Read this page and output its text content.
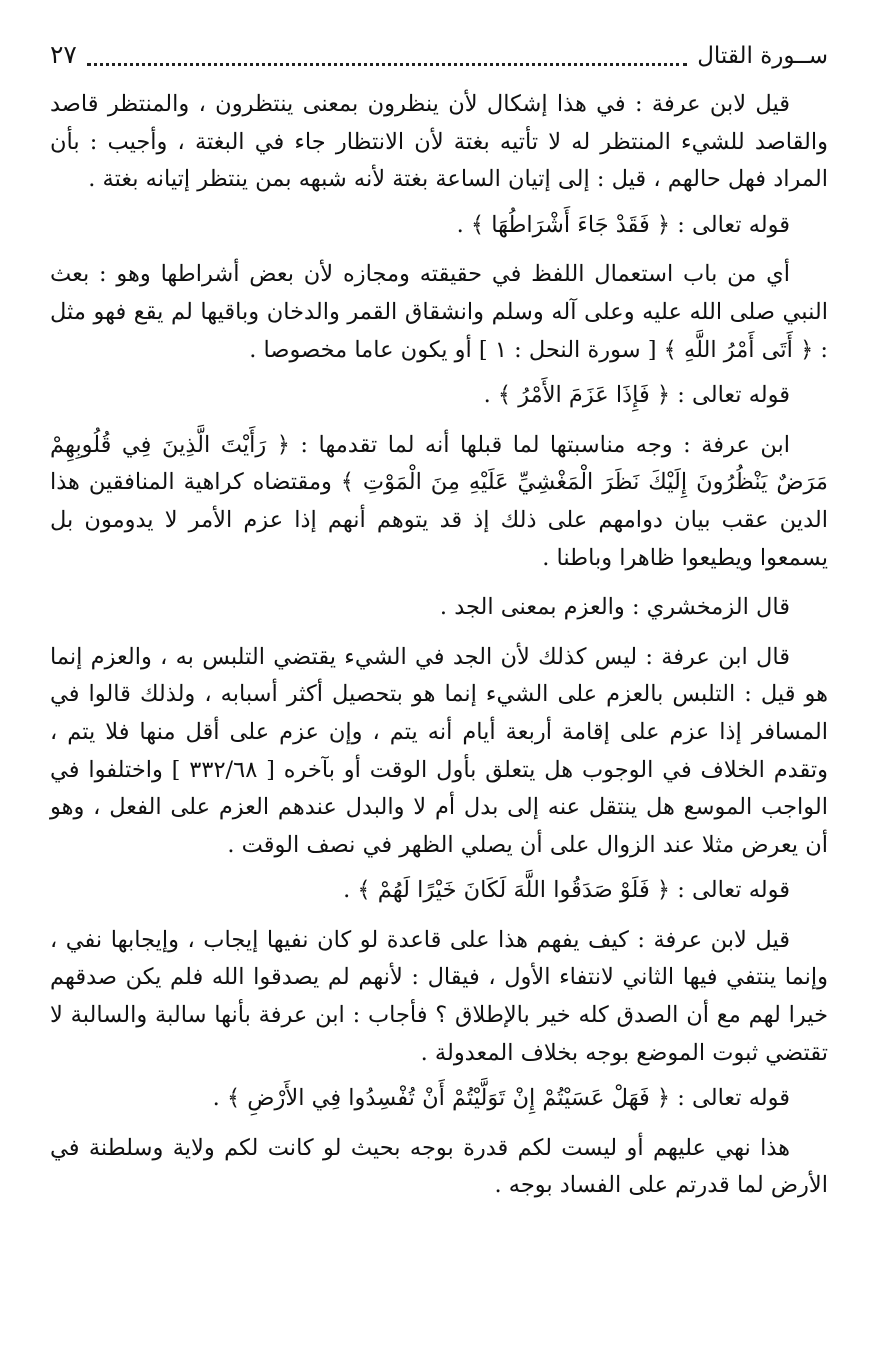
ســورة القتال
٢٧

قيل لابن عرفة : في هذا إشكال لأن ينظرون بمعنى ينتظرون ، والمنتظر قاصد والقاصد للشيء المنتظر له لا تأتيه بغتة لأن الانتظار جاء في البغتة ، وأجيب : بأن المراد فهل حالهم ، قيل : إلى إتيان الساعة بغتة لأنه شبهه بمن ينتظر إتيانه بغتة .

قوله تعالى : ﴿ فَقَدْ جَاءَ أَشْرَاطُهَا ﴾ .

أي من باب استعمال اللفظ في حقيقته ومجازه لأن بعض أشراطها وهو : بعث النبي صلى الله عليه وعلى آله وسلم وانشقاق القمر والدخان وباقيها لم يقع فهو مثل : ﴿ أَتَى أَمْرُ اللَّهِ ﴾ [ سورة النحل : ١ ] أو يكون عاما مخصوصا .

قوله تعالى : ﴿ فَإِذَا عَزَمَ الأَمْرُ ﴾ .

ابن عرفة : وجه مناسبتها لما قبلها أنه لما تقدمها : ﴿ رَأَيْتَ الَّذِينَ فِي قُلُوبِهِمْ مَرَضٌ يَنْظُرُونَ إِلَيْكَ نَظَرَ الْمَغْشِيِّ عَلَيْهِ مِنَ الْمَوْتِ ﴾ ومقتضاه كراهية المنافقين هذا الدين عقب بيان دوامهم على ذلك إذ قد يتوهم أنهم إذا عزم الأمر لا يدومون بل يسمعوا ويطيعوا ظاهرا وباطنا .

قال الزمخشري : والعزم بمعنى الجد .

قال ابن عرفة : ليس كذلك لأن الجد في الشيء يقتضي التلبس به ، والعزم إنما هو قيل : التلبس بالعزم على الشيء إنما هو بتحصيل أكثر أسبابه ، ولذلك قالوا في المسافر إذا عزم على إقامة أربعة أيام أنه يتم ، وإن عزم على أقل منها فلا يتم ، وتقدم الخلاف في الوجوب هل يتعلق بأول الوقت أو بآخره [ ٣٣٢/٦٨ ] واختلفوا في الواجب الموسع هل ينتقل عنه إلى بدل أم لا والبدل عندهم العزم على الفعل ، وهو أن يعرض مثلا عند الزوال على أن يصلي الظهر في نصف الوقت .

قوله تعالى : ﴿ فَلَوْ صَدَقُوا اللَّهَ لَكَانَ خَيْرًا لَهُمْ ﴾ .

قيل لابن عرفة : كيف يفهم هذا على قاعدة لو كان نفيها إيجاب ، وإيجابها نفي ، وإنما ينتفي فيها الثاني لانتفاء الأول ، فيقال : لأنهم لم يصدقوا الله فلم يكن صدقهم خيرا لهم مع أن الصدق كله خير بالإطلاق ؟ فأجاب : ابن عرفة بأنها سالبة والسالبة لا تقتضي ثبوت الموضع بوجه بخلاف المعدولة .

قوله تعالى : ﴿ فَهَلْ عَسَيْتُمْ إِنْ تَوَلَّيْتُمْ أَنْ تُفْسِدُوا فِي الأَرْضِ ﴾ .

هذا نهي عليهم أو ليست لكم قدرة بوجه بحيث لو كانت لكم ولاية وسلطنة في الأرض لما قدرتم على الفساد بوجه .
